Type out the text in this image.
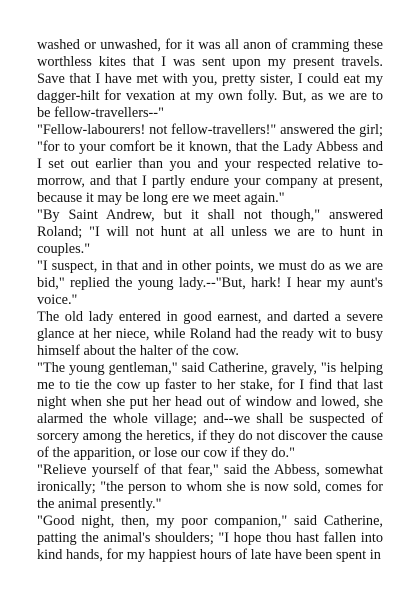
washed or unwashed, for it was all anon of cramming these worthless kites that I was sent upon my present travels. Save that I have met with you, pretty sister, I could eat my dagger-hilt for vexation at my own folly. But, as we are to be fellow-travellers--"

"Fellow-labourers! not fellow-travellers!" answered the girl; "for to your comfort be it known, that the Lady Abbess and I set out earlier than you and your respected relative to-morrow, and that I partly endure your company at present, because it may be long ere we meet again."

"By Saint Andrew, but it shall not though," answered Roland; "I will not hunt at all unless we are to hunt in couples."

"I suspect, in that and in other points, we must do as we are bid," replied the young lady.--"But, hark! I hear my aunt's voice."

The old lady entered in good earnest, and darted a severe glance at her niece, while Roland had the ready wit to busy himself about the halter of the cow.

"The young gentleman," said Catherine, gravely, "is helping me to tie the cow up faster to her stake, for I find that last night when she put her head out of window and lowed, she alarmed the whole village; and--we shall be suspected of sorcery among the heretics, if they do not discover the cause of the apparition, or lose our cow if they do."

"Relieve yourself of that fear," said the Abbess, somewhat ironically; "the person to whom she is now sold, comes for the animal presently."

"Good night, then, my poor companion," said Catherine, patting the animal's shoulders; "I hope thou hast fallen into kind hands, for my happiest hours of late have been spent in
